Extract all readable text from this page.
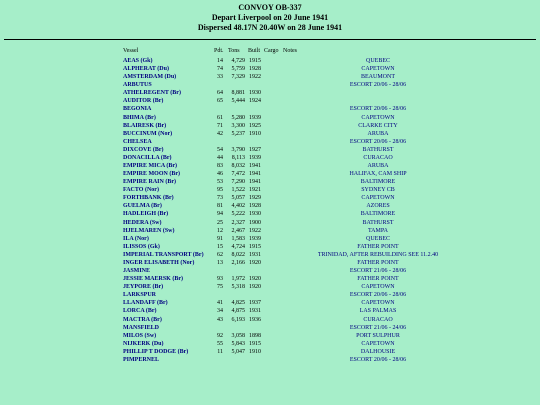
CONVOY OB-337
Depart Liverpool on 20 June 1941
Dispersed 48.17N 20.40W on 28 June 1941
Vessel	Pdt. Tons Built Cargo Notes
AEAS (Gk)	14	4,729 1915	QUEBEC
ALPHERAT (Du)	74	5,759 1928	CAPETOWN
AMSTERDAM (Du)	33	7,329 1922	BEAUMONT
ARBUTUS	ESCORT 20/06 - 28/06
ATHELREGENT (Br)	64	8,881 1930
AUDITOR (Br)	65	5,444 1924
BEGONIA	ESCORT 20/06 - 28/06
BHIMA (Br)	61	5,280 1939	CAPETOWN
BLAIRESK (Br)	71	3,300 1925	CLARKE CITY
BUCCINUM (Nor)	42	5,237 1910	ARUBA
CHELSEA	ESCORT 20/06 - 28/06
DIXCOVE (Br)	54	3,790 1927	BATHURST
DONACILLA (Br)	44	8,113 1939	CURACAO
EMPIRE MICA (Br)	83	8,032 1941	ARUBA
EMPIRE MOON (Br)	46	7,472 1941	HALIFAX, CAM SHIP
EMPIRE RAIN (Br)	53	7,290 1941	BALTIMORE
FACTO (Nor)	95	1,522 1921	SYDNEY CB
FORTHBANK (Br)	73	5,057 1929	CAPETOWN
GUELMA (Br)	81	4,402 1928	AZORES
HADLEIGH (Br)	94	5,222 1930	BALTIMORE
HEDERA (Sw)	25	2,327 1900	BATHURST
HJELMAREN (Sw)	12	2,467 1922	TAMPA
ILA (Nor)	91	1,583 1939	QUEBEC
ILISSOS (Gk)	15	4,724 1915	FATHER POINT
IMPERIAL TRANSPORT (Br)	62	8,022 1931	TRINIDAD, AFTER REBUILDING SEE 11.2.40
INGER ELISABETH (Nor)	13	2,166 1920	FATHER POINT
JASMINE	ESCORT 21/06 - 28/06
JESSIE MAERSK (Br)	93	1,972 1920	FATHER POINT
JEYPORE (Br)	75	5,318 1920	CAPETOWN
LARKSPUR	ESCORT 20/06 - 28/06
LLANDAFF (Br)	41	4,825 1937	CAPETOWN
LORCA (Br)	34	4,875 1931	LAS PALMAS
MACTRA (Br)	43	6,193 1936	CURACAO
MANSFIELD	ESCORT 21/06 - 24/06
MILOS (Sw)	92	3,058 1898	PORT SULPHUR
NIJKERK (Du)	55	5,843 1915	CAPETOWN
PHILLIP T DODGE (Br)	11	5,047 1910	DALHOUSIE
PIMPERNEL	ESCORT 20/06 - 28/06
